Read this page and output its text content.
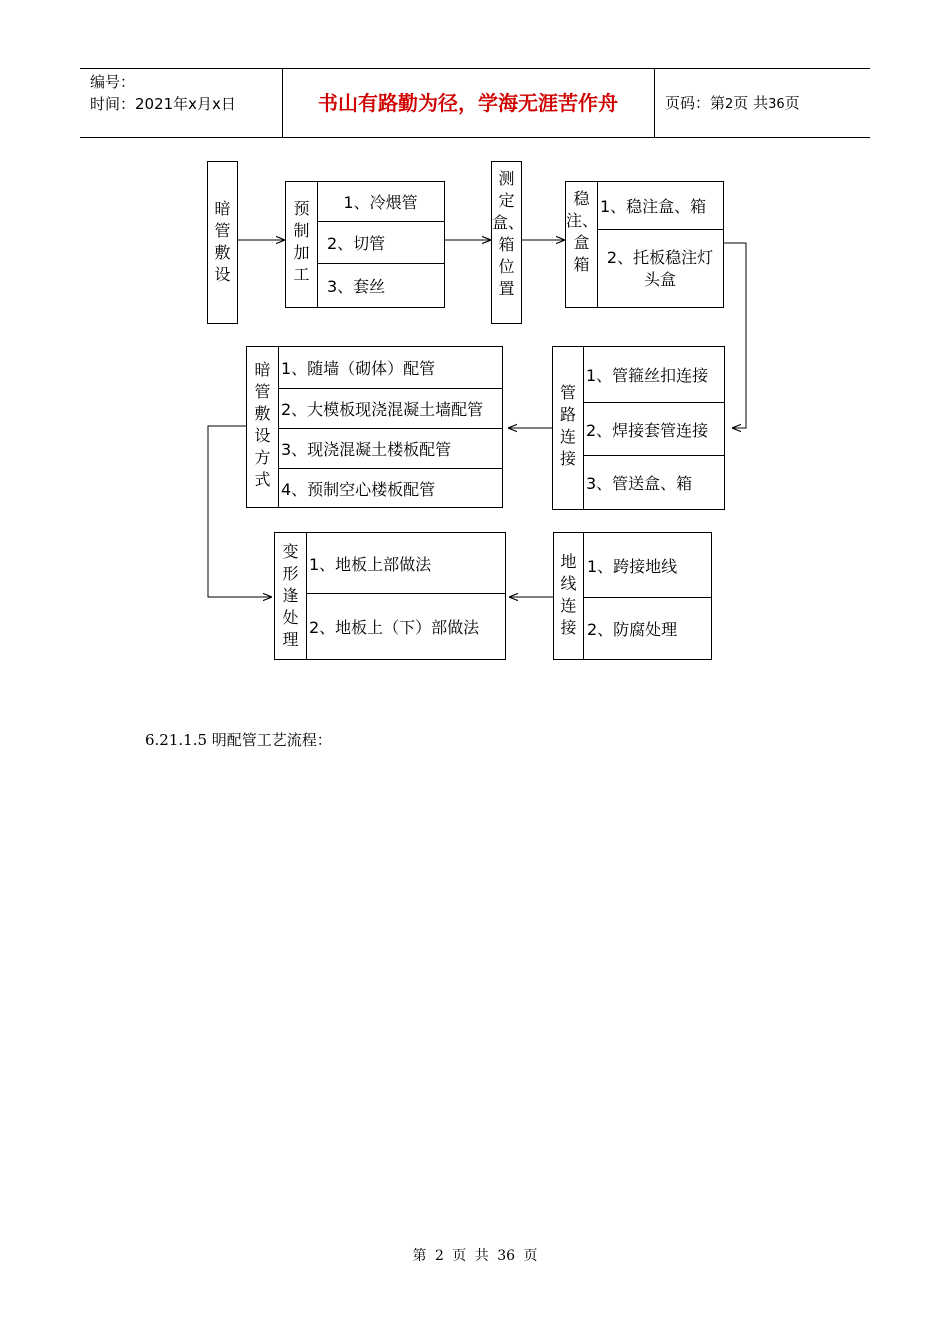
编号：
时间：2021年x月x日	书山有路勤为径，学海无涯苦作舟	页码：第2页 共36页
暗管敷设
预制加工
1、冷煨管
2、切管
3、套丝
测定盒、箱位置
稳注、盒箱
1、稳注盒、箱
2、托板稳注灯头盒
管路连接
1、管箍丝扣连接
2、焊接套管连接
3、管送盒、箱
暗管敷设方式
1、随墙（砌体）配管
2、大模板现浇混凝土墙配管
3、现浇混凝土楼板配管
4、预制空心楼板配管
地线连接
1、跨接地线
2、防腐处理
变形逢处理
1、地板上部做法
2、地板上（下）部做法
6.21.1.5 明配管工艺流程：
第 2 页 共 36 页
